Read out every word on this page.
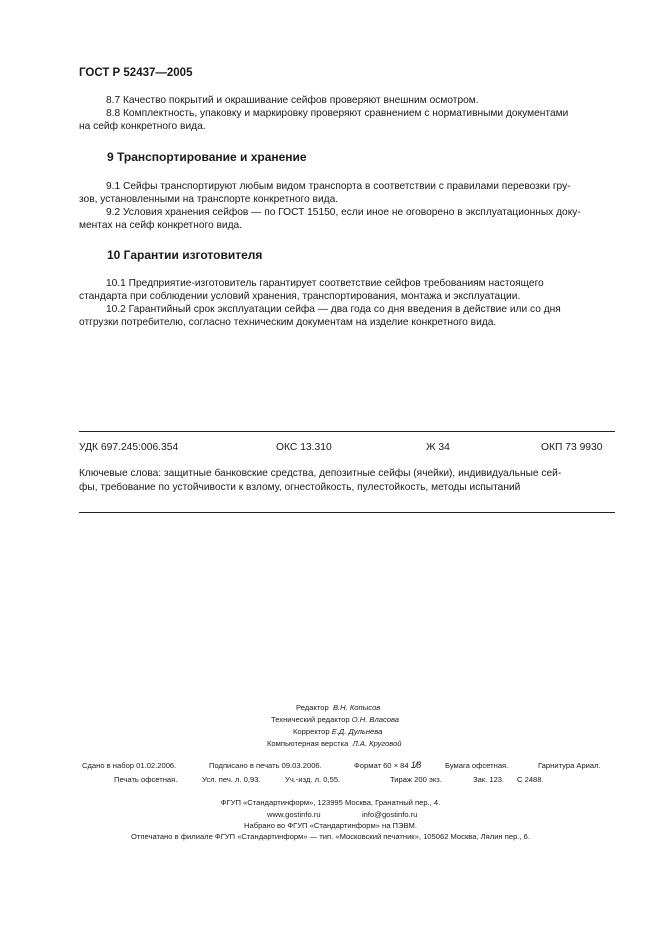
ГОСТ Р 52437—2005
8.7 Качество покрытий и окрашивание сейфов проверяют внешним осмотром.
8.8 Комплектность, упаковку и маркировку проверяют сравнением с нормативными документами
на сейф конкретного вида.
9 Транспортирование и хранение
9.1 Сейфы транспортируют любым видом транспорта в соответствии с правилами перевозки гру-
зов, установленными на транспорте конкретного вида.
9.2 Условия хранения сейфов — по ГОСТ 15150, если иное не оговорено в эксплуатационных доку-
ментах на сейф конкретного вида.
10 Гарантии изготовителя
10.1 Предприятие-изготовитель гарантирует соответствие сейфов требованиям настоящего
стандарта при соблюдении условий хранения, транспортирования, монтажа и эксплуатации.
10.2 Гарантийный срок эксплуатации сейфа — два года со дня введения в действие или со дня
отгрузки потребителю, согласно техническим документам на изделие конкретного вида.
УДК 697.245:006.354	ОКС 13.310	Ж 34	ОКП 73 9930
Ключевые слова: защитные банковские средства, депозитные сейфы (ячейки), индивидуальные сей-
фы, требование по устойчивости к взлому, огнестойкость, пулестойкость, методы испытаний
Редактор В.Н. Копысов
Технический редактор О.Н. Власова
Корректор Е.Д. Дульнева
Компьютерная верстка Л.А. Круговой
Сдано в набор 01.02.2006.	Подписано в печать 09.03.2006.	Формат 60 × 84 1/8	Бумага офсетная.	Гарнитура Ариал.
Печать офсетная.	Усл. печ. л. 0,93.	Уч.-изд. л. 0,55.	Тираж 200 экз.	Зак. 123. С 2488.
ФГУП «Стандартинформ», 123995 Москва, Гранатный пер., 4.
www.gostinfo.ru	info@gostinfo.ru
Набрано во ФГУП «Стандартинформ» на ПЭВМ.
Отпечатано в филиале ФГУП «Стандартинформ» — тип. «Московский печатник», 105062 Москва, Лялин пер., 6.
